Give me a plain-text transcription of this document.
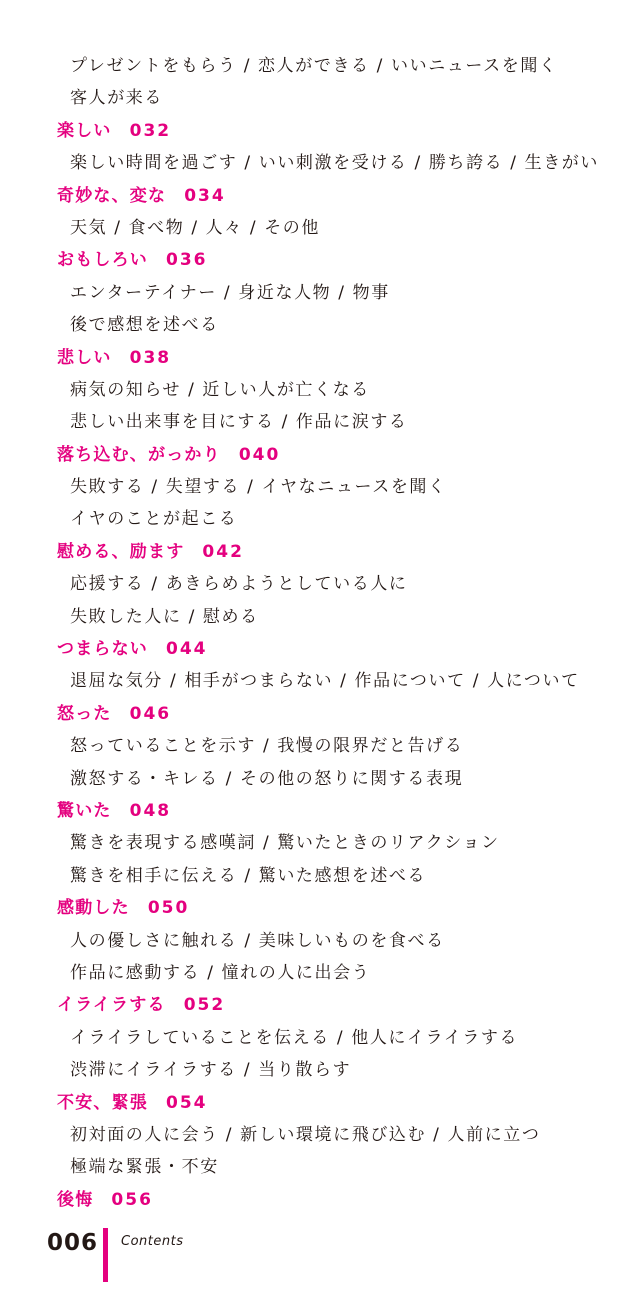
プレゼントをもらう / 恋人ができる / いいニュースを聞く
客人が来る
楽しい 032
楽しい時間を過ごす / いい刺激を受ける / 勝ち誇る / 生きがい
奇妙な、変な 034
天気 / 食べ物 / 人々 / その他
おもしろい 036
エンターテイナー / 身近な人物 / 物事
後で感想を述べる
悲しい 038
病気の知らせ / 近しい人が亡くなる
悲しい出来事を目にする / 作品に涙する
落ち込む、がっかり 040
失敗する / 失望する / イヤなニュースを聞く
イヤのことが起こる
慰める、励ます 042
応援する / あきらめようとしている人に
失敗した人に / 慰める
つまらない 044
退屈な気分 / 相手がつまらない / 作品について / 人について
怒った 046
怒っていることを示す / 我慢の限界だと告げる
激怒する・キレる / その他の怒りに関する表現
驚いた 048
驚きを表現する感嘆詞 / 驚いたときのリアクション
驚きを相手に伝える / 驚いた感想を述べる
感動した 050
人の優しさに触れる / 美味しいものを食べる
作品に感動する / 憧れの人に出会う
イライラする 052
イライラしていることを伝える / 他人にイライラする
渋滞にイライラする / 当り散らす
不安、緊張 054
初対面の人に会う / 新しい環境に飛び込む / 人前に立つ
極端な緊張・不安
後悔 056
006 Contents
